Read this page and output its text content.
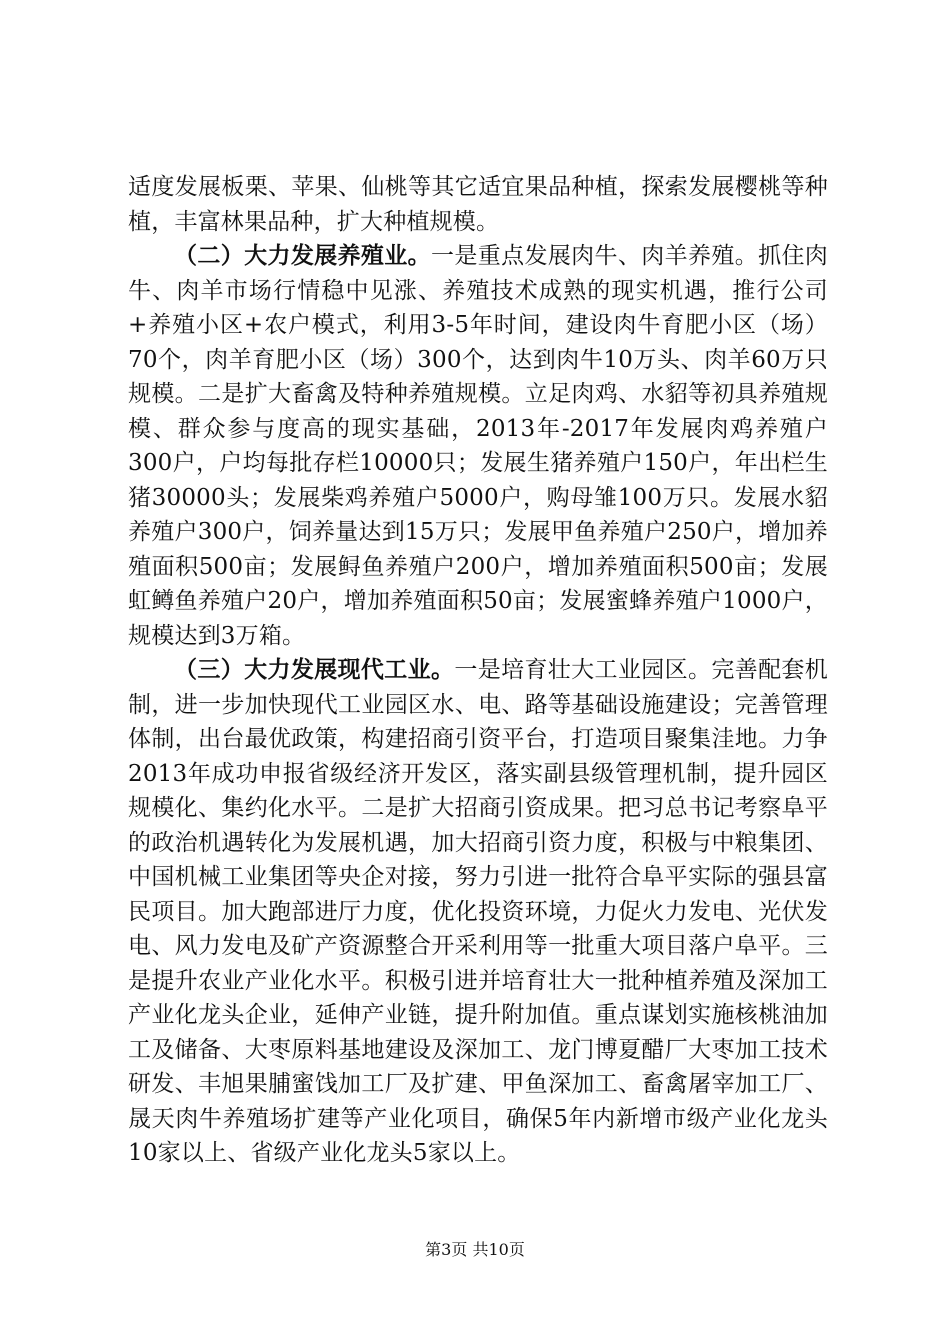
适度发展板栗、苹果、仙桃等其它适宜果品种植，探索发展樱桃等种植，丰富林果品种，扩大种植规模。

（二）大力发展养殖业。一是重点发展肉牛、肉羊养殖。抓住肉牛、肉羊市场行情稳中见涨、养殖技术成熟的现实机遇，推行公司+养殖小区+农户模式，利用3-5年时间，建设肉牛育肥小区（场）70个，肉羊育肥小区（场）300个，达到肉牛10万头、肉羊60万只规模。二是扩大畜禽及特种养殖规模。立足肉鸡、水貂等初具养殖规模、群众参与度高的现实基础，2013年-2017年发展肉鸡养殖户300户，户均每批存栏10000只；发展生猪养殖户150户，年出栏生猪30000头；发展柴鸡养殖户5000户，购母雏100万只。发展水貂养殖户300户，饲养量达到15万只；发展甲鱼养殖户250户，增加养殖面积500亩；发展鲟鱼养殖户200户，增加养殖面积500亩；发展虹鳟鱼养殖户20户，增加养殖面积50亩；发展蜜蜂养殖户1000户，规模达到3万箱。

（三）大力发展现代工业。一是培育壮大工业园区。完善配套机制，进一步加快现代工业园区水、电、路等基础设施建设；完善管理体制，出台最优政策，构建招商引资平台，打造项目聚集洼地。力争2013年成功申报省级经济开发区，落实副县级管理机制，提升园区规模化、集约化水平。二是扩大招商引资成果。把习总书记考察阜平的政治机遇转化为发展机遇，加大招商引资力度，积极与中粮集团、中国机械工业集团等央企对接，努力引进一批符合阜平实际的强县富民项目。加大跑部进厅力度，优化投资环境，力促火力发电、光伏发电、风力发电及矿产资源整合开采利用等一批重大项目落户阜平。三是提升农业产业化水平。积极引进并培育壮大一批种植养殖及深加工产业化龙头企业，延伸产业链，提升附加值。重点谋划实施核桃油加工及储备、大枣原料基地建设及深加工、龙门博夏醋厂大枣加工技术研发、丰旭果脯蜜饯加工厂及扩建、甲鱼深加工、畜禽屠宰加工厂、晟天肉牛养殖场扩建等产业化项目，确保5年内新增市级产业化龙头10家以上、省级产业化龙头5家以上。

第3页 共10页
